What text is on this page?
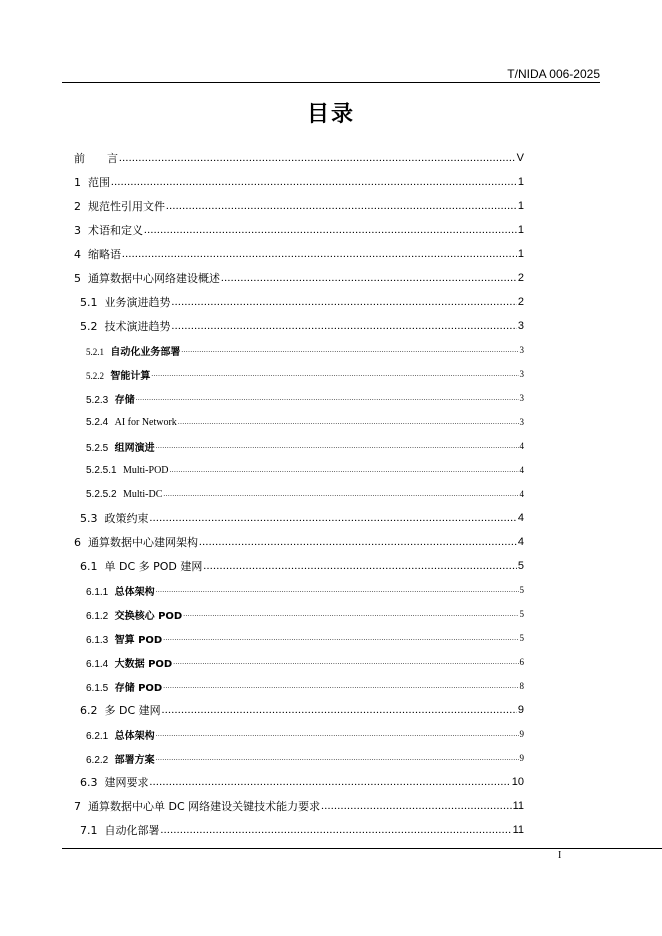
T/NIDA 006-2025
目录
前　　言 .....	V
1 范围 .....	1
2 规范性引用文件 .....	1
3 术语和定义 .....	1
4 缩略语 .....	1
5 通算数据中心网络建设概述 .....	2
5.1 业务演进趋势 .....	2
5.2 技术演进趋势 .....	3
5.2.1 自动化业务部署 .....	3
5.2.2 智能计算 .....	3
5.2.3 存储 .....	3
5.2.4 AI for Network .....	3
5.2.5 组网演进 .....	4
5.2.5.1 Multi-POD .....	4
5.2.5.2 Multi-DC .....	4
5.3 政策约束 .....	4
6 通算数据中心建网架构 .....	4
6.1 单 DC 多 POD 建网 .....	5
6.1.1 总体架构 .....	5
6.1.2 交换核心 POD .....	5
6.1.3 智算 POD .....	5
6.1.4 大数据 POD .....	6
6.1.5 存储 POD .....	8
6.2 多 DC 建网 .....	9
6.2.1 总体架构 .....	9
6.2.2 部署方案 .....	9
6.3 建网要求 .....	10
7 通算数据中心单 DC 网络建设关键技术能力要求 .....	11
7.1 自动化部署 .....	11
I
